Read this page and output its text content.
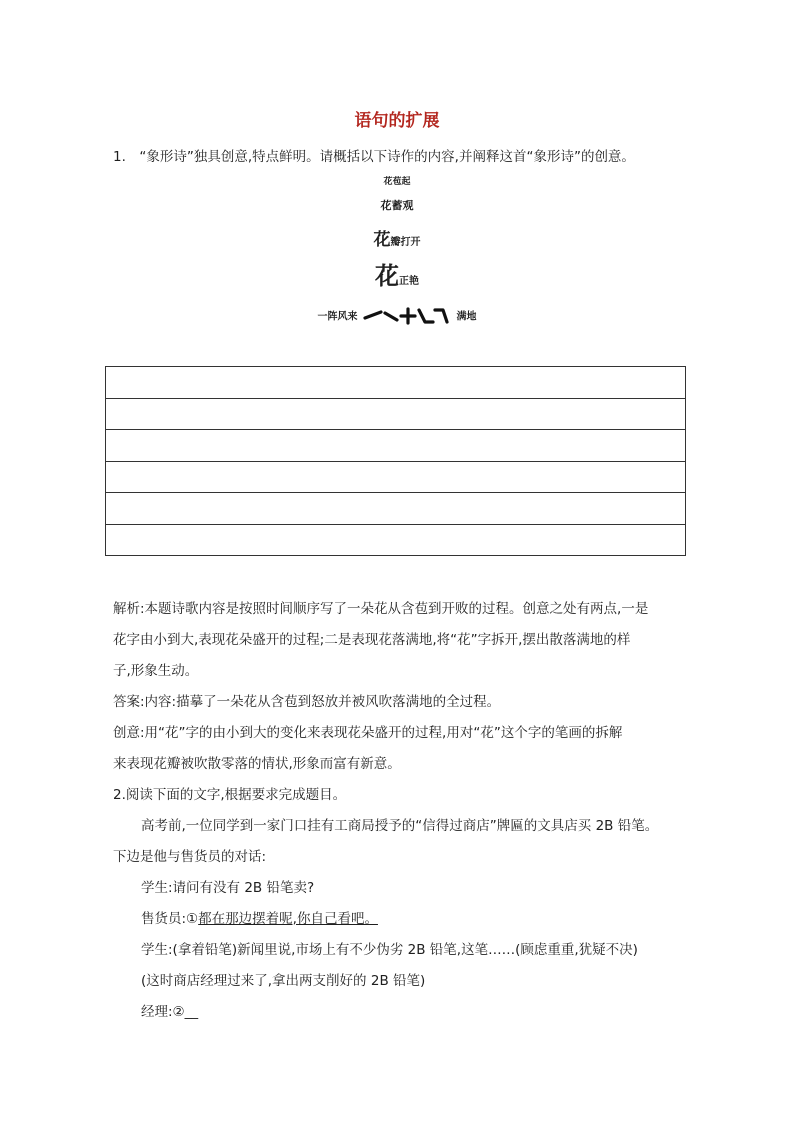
语句的扩展
1.　“象形诗”独具创意,特点鲜明。请概括以下诗作的内容,并阐释这首“象形诗”的创意。
花苞起
花蓄观
花瓣打开
花正艳
一阵风来	满地
解析:本题诗歌内容是按照时间顺序写了一朵花从含苞到开败的过程。创意之处有两点,一是
花字由小到大,表现花朵盛开的过程;二是表现花落满地,将“花”字拆开,摆出散落满地的样
子,形象生动。
答案:内容:描摹了一朵花从含苞到怒放并被风吹落满地的全过程。
创意:用“花”字的由小到大的变化来表现花朵盛开的过程,用对“花”这个字的笔画的拆解
来表现花瓣被吹散零落的情状,形象而富有新意。
2.阅读下面的文字,根据要求完成题目。
高考前,一位同学到一家门口挂有工商局授予的“信得过商店”牌匾的文具店买 2B 铅笔。
下边是他与售货员的对话:
学生:请问有没有 2B 铅笔卖?
售货员:①都在那边摆着呢,你自己看吧。
学生:(拿着铅笔)新闻里说,市场上有不少伪劣 2B 铅笔,这笔……(顾虑重重,犹疑不决)
(这时商店经理过来了,拿出两支削好的 2B 铅笔)
经理:②__
